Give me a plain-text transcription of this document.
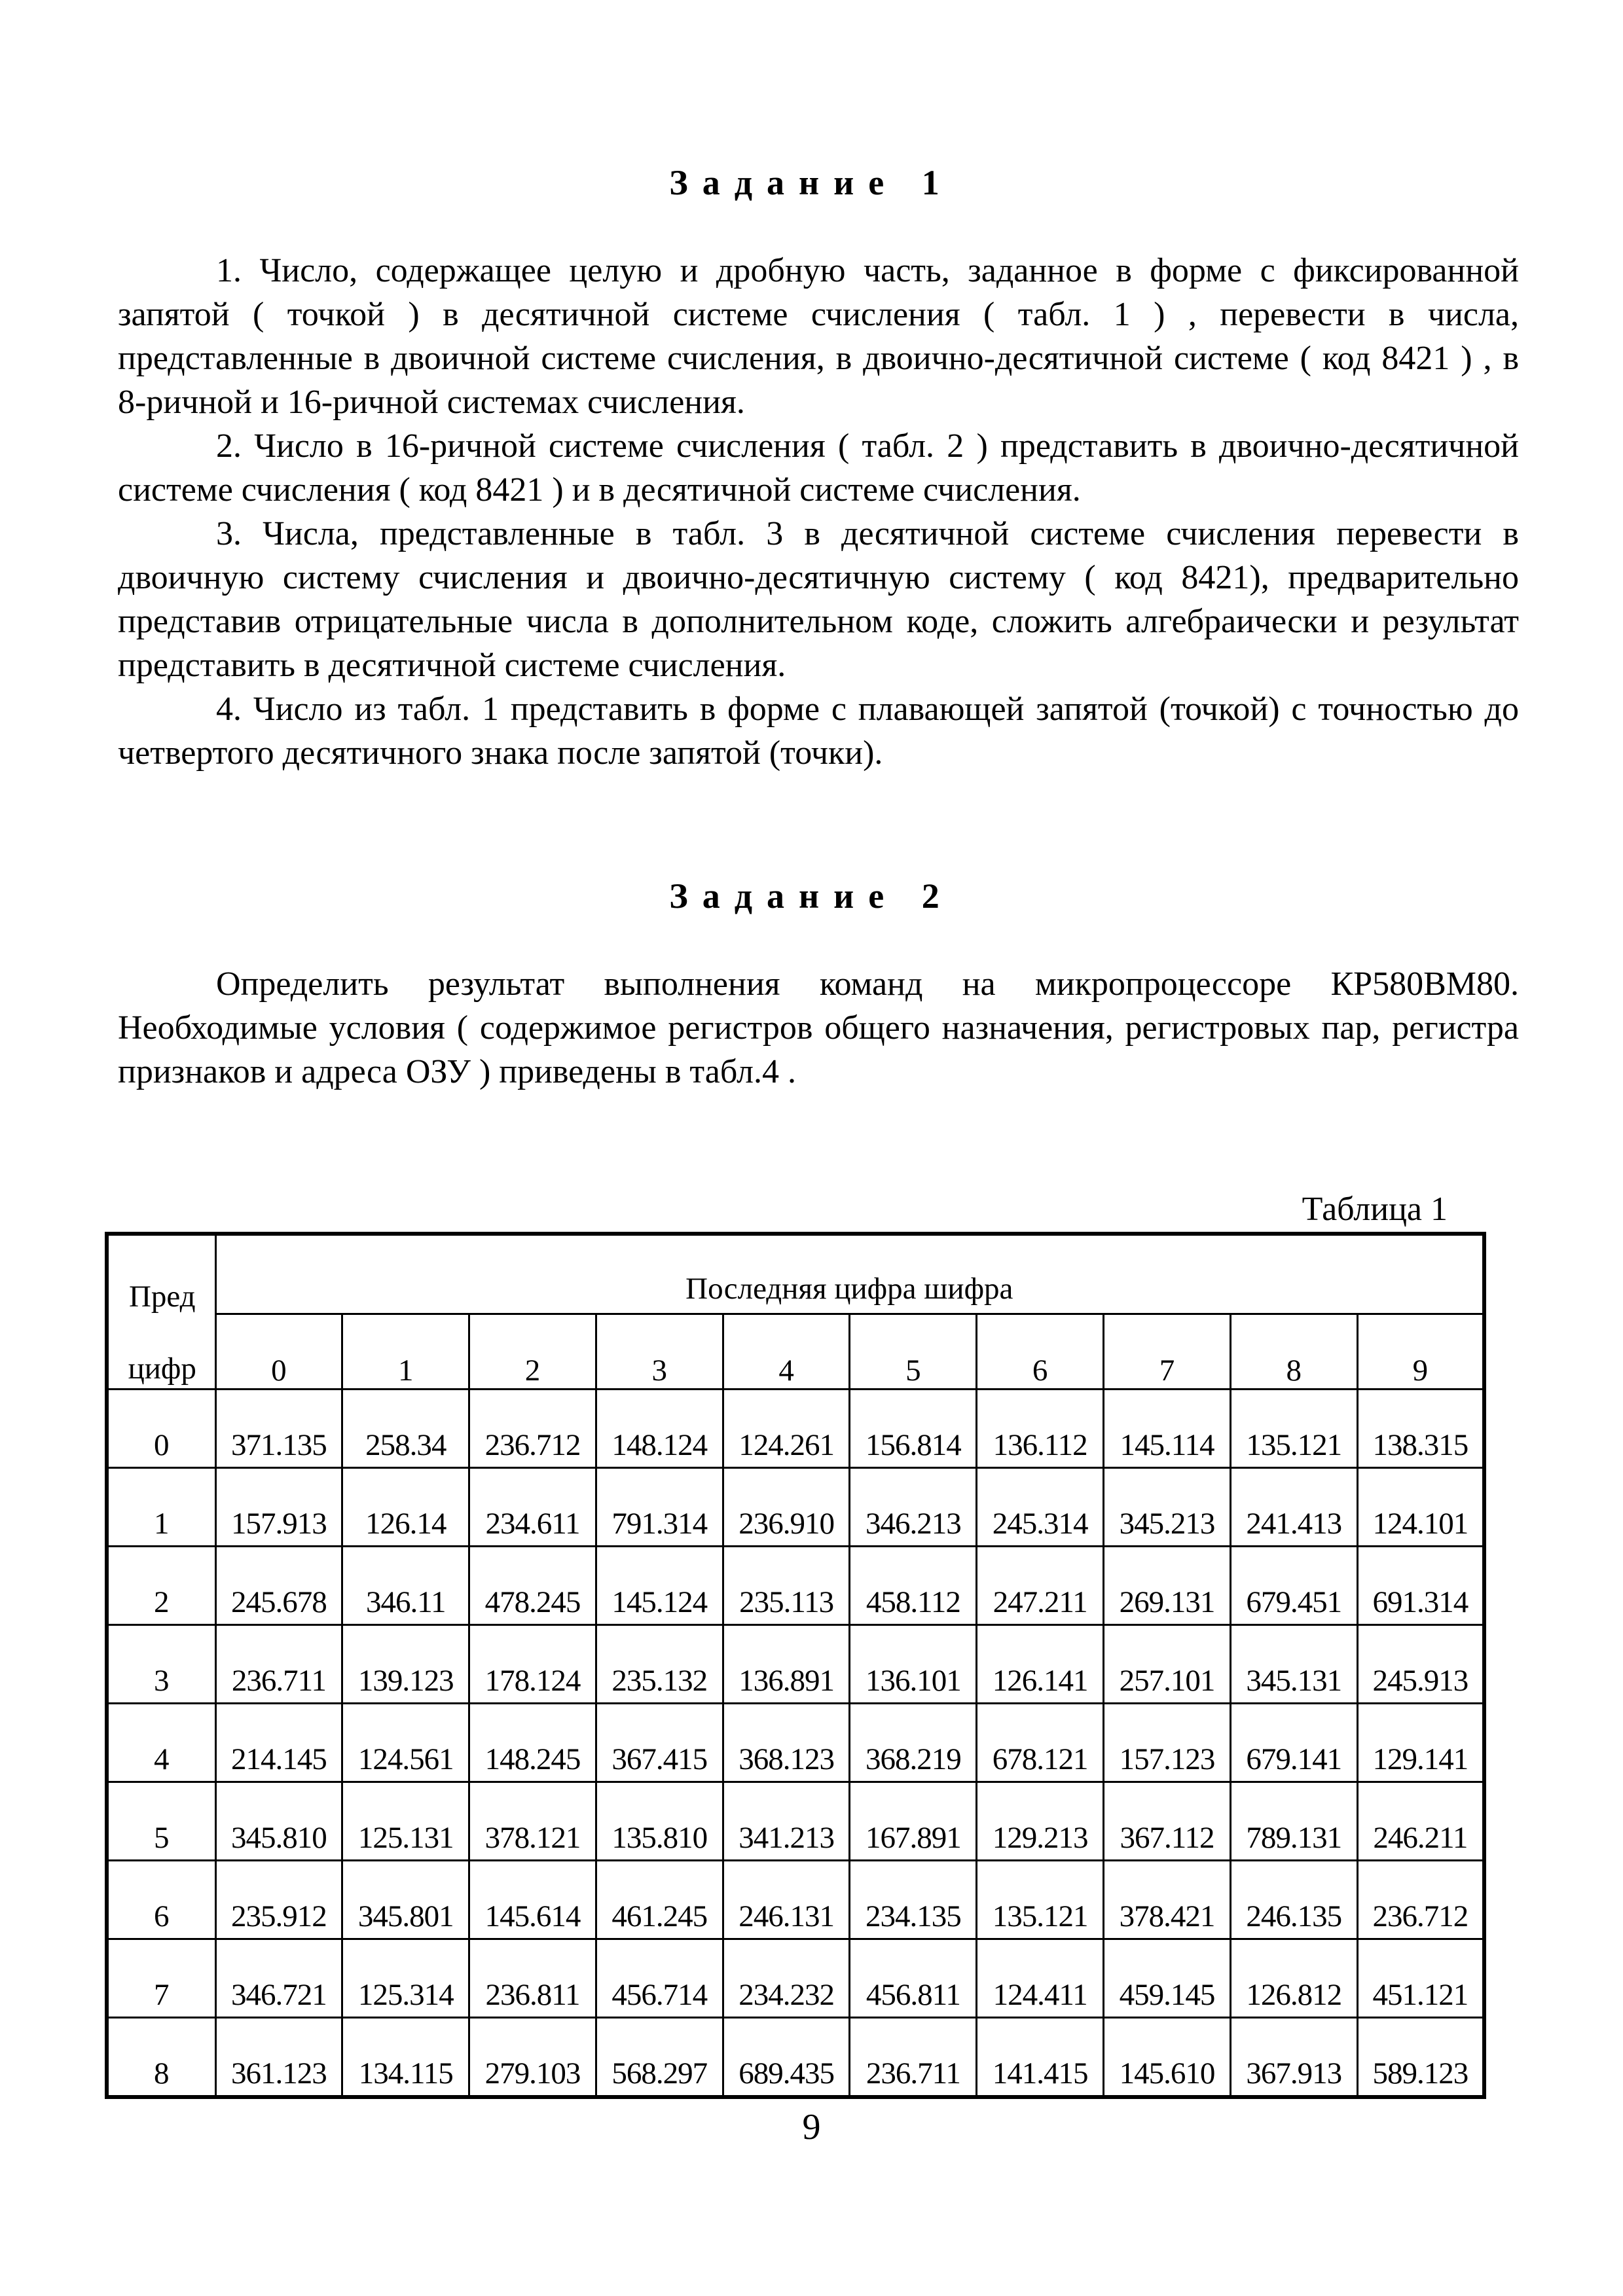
Задание 1

1. Число, содержащее целую и дробную часть, заданное в форме с фиксированной запятой ( точкой ) в десятичной системе счисления ( табл. 1 ) , перевести в числа, представленные в двоичной системе счисления, в двоично-десятичной системе ( код 8421 ) , в 8-ричной и 16-ричной системах счисления.

2. Число в 16-ричной системе счисления ( табл. 2 ) представить в двоично-десятичной системе счисления ( код 8421 ) и в десятичной системе счисления.

3. Числа, представленные в табл. 3 в десятичной системе счисления перевести в двоичную систему счисления и двоично-десятичную систему ( код 8421), предварительно представив отрицательные числа в дополнительном коде, сложить алгебраически и результат представить в десятичной системе счисления.

4. Число из табл. 1 представить в форме с плавающей запятой (точкой) с точностью до четвертого десятичного знака после запятой (точки).

Задание 2

Определить результат выполнения команд на микропроцессоре КР580ВМ80. Необходимые условия ( содержимое регистров общего назначения, регистровых пар, регистра признаков и адреса ОЗУ ) приведены в табл.4 .

Таблица 1
Пред
цифр	Последняя цифра шифра									
	0	1	2	3	4	5	6	7	8	9
0	371.135	258.34	236.712	148.124	124.261	156.814	136.112	145.114	135.121	138.315
1	157.913	126.14	234.611	791.314	236.910	346.213	245.314	345.213	241.413	124.101
2	245.678	346.11	478.245	145.124	235.113	458.112	247.211	269.131	679.451	691.314
3	236.711	139.123	178.124	235.132	136.891	136.101	126.141	257.101	345.131	245.913
4	214.145	124.561	148.245	367.415	368.123	368.219	678.121	157.123	679.141	129.141
5	345.810	125.131	378.121	135.810	341.213	167.891	129.213	367.112	789.131	246.211
6	235.912	345.801	145.614	461.245	246.131	234.135	135.121	378.421	246.135	236.712
7	346.721	125.314	236.811	456.714	234.232	456.811	124.411	459.145	126.812	451.121
8	361.123	134.115	279.103	568.297	689.435	236.711	141.415	145.610	367.913	589.123
9
